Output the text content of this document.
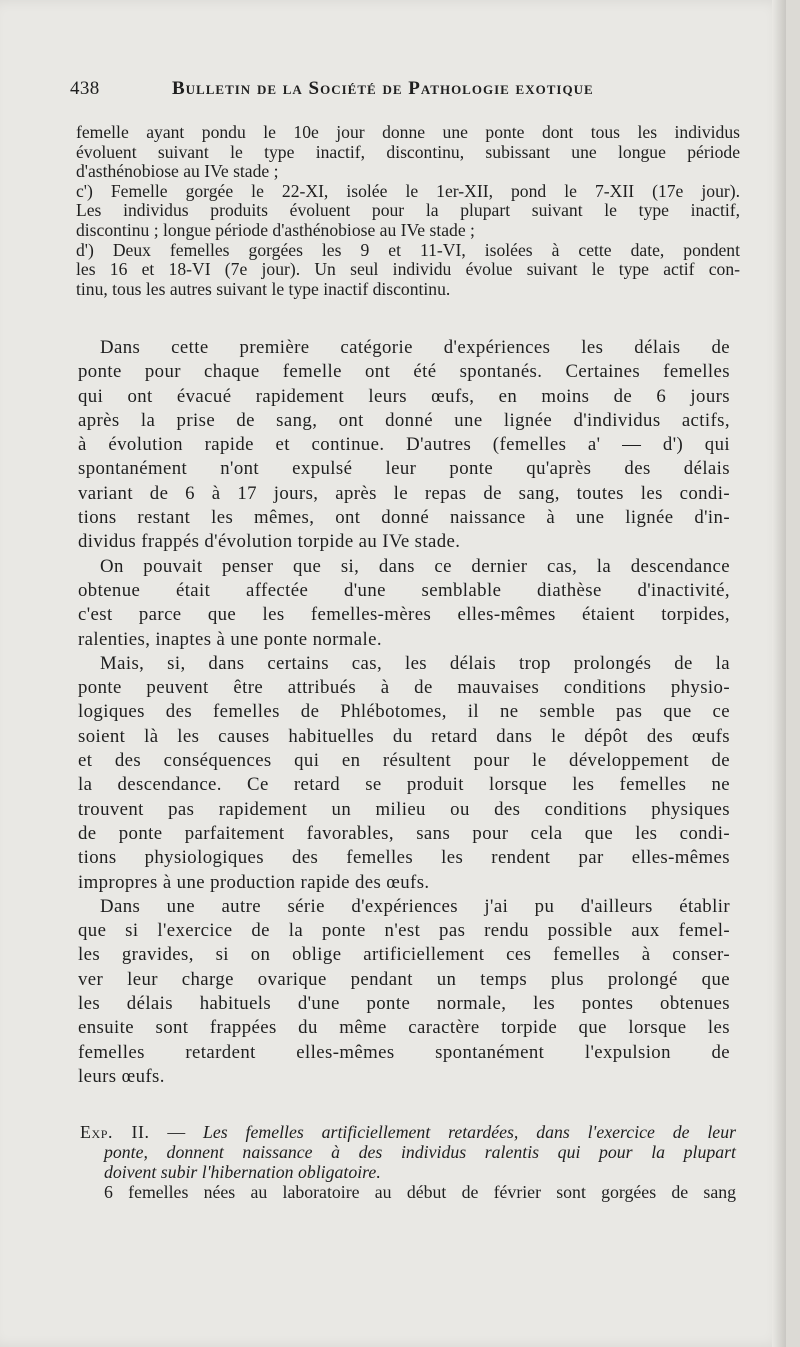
438	Bulletin de la Société de Pathologie exotique
femelle ayant pondu le 10e jour donne une ponte dont tous les individus
évoluent suivant le type inactif, discontinu, subissant une longue période
d'asthénobiose au IVe stade ;
c') Femelle gorgée le 22-XI, isolée le 1er-XII, pond le 7-XII (17e jour).
Les individus produits évoluent pour la plupart suivant le type inactif,
discontinu ; longue période d'asthénobiose au IVe stade ;
d') Deux femelles gorgées les 9 et 11-VI, isolées à cette date, pondent
les 16 et 18-VI (7e jour). Un seul individu évolue suivant le type actif con-
tinu, tous les autres suivant le type inactif discontinu.
Dans cette première catégorie d'expériences les délais de
ponte pour chaque femelle ont été spontanés. Certaines femelles
qui ont évacué rapidement leurs œufs, en moins de 6 jours
après la prise de sang, ont donné une lignée d'individus actifs,
à évolution rapide et continue. D'autres (femelles a' — d') qui
spontanément n'ont expulsé leur ponte qu'après des délais
variant de 6 à 17 jours, après le repas de sang, toutes les condi-
tions restant les mêmes, ont donné naissance à une lignée d'in-
dividus frappés d'évolution torpide au IVe stade.
On pouvait penser que si, dans ce dernier cas, la descendance
obtenue était affectée d'une semblable diathèse d'inactivité,
c'est parce que les femelles-mères elles-mêmes étaient torpides,
ralenties, inaptes à une ponte normale.
Mais, si, dans certains cas, les délais trop prolongés de la
ponte peuvent être attribués à de mauvaises conditions physio-
logiques des femelles de Phlébotomes, il ne semble pas que ce
soient là les causes habituelles du retard dans le dépôt des œufs
et des conséquences qui en résultent pour le développement de
la descendance. Ce retard se produit lorsque les femelles ne
trouvent pas rapidement un milieu ou des conditions physiques
de ponte parfaitement favorables, sans pour cela que les condi-
tions physiologiques des femelles les rendent par elles-mêmes
impropres à une production rapide des œufs.
Dans une autre série d'expériences j'ai pu d'ailleurs établir
que si l'exercice de la ponte n'est pas rendu possible aux femel-
les gravides, si on oblige artificiellement ces femelles à conser-
ver leur charge ovarique pendant un temps plus prolongé que
les délais habituels d'une ponte normale, les pontes obtenues
ensuite sont frappées du même caractère torpide que lorsque les
femelles retardent elles-mêmes spontanément l'expulsion de
leurs œufs.
Exp. II. — Les femelles artificiellement retardées, dans l'exercice de leur
ponte, donnent naissance à des individus ralentis qui pour la plupart
doivent subir l'hibernation obligatoire.
6 femelles nées au laboratoire au début de février sont gorgées de sang
